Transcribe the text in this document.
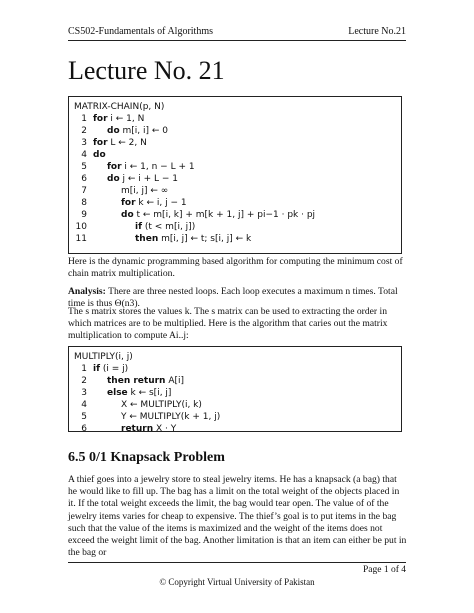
CS502-Fundamentals of Algorithms	Lecture No.21
Lecture No. 21
MATRIX-CHAIN(p, N)
1 for i ← 1, N
2	do m[i, i] ← 0
3 for L ← 2, N
4 do
5	for i ← 1, n − L + 1
6	do j ← i + L − 1
7	m[i, j] ← ∞
8	for k ← i, j − 1
9	do t ← m[i, k] + m[k + 1, j] + pi−1 · pk · pj
10	if (t < m[i, j])
11	then m[i, j] ← t; s[i, j] ← k
Here is the dynamic programming based algorithm for computing the minimum cost of chain matrix multiplication.
Analysis: There are three nested loops. Each loop executes a maximum n times. Total time is thus Θ(n3).
The s matrix stores the values k. The s matrix can be used to extracting the order in which matrices are to be multiplied. Here is the algorithm that caries out the matrix multiplication to compute Ai..j:
MULTIPLY(i, j)
1 if (i = j)
2	then return A[i]
3	else k ← s[i, j]
4	X ← MULTIPLY(i, k)
5	Y ← MULTIPLY(k + 1, j)
6	return X · Y
6.5 0/1 Knapsack Problem
A thief goes into a jewelry store to steal jewelry items. He has a knapsack (a bag) that he would like to fill up. The bag has a limit on the total weight of the objects placed in it. If the total weight exceeds the limit, the bag would tear open. The value of of the jewelry items varies for cheap to expensive. The thief’s goal is to put items in the bag such that the value of the items is maximized and the weight of the items does not exceed the weight limit of the bag. Another limitation is that an item can either be put in the bag or
Page 1 of 4
© Copyright Virtual University of Pakistan
